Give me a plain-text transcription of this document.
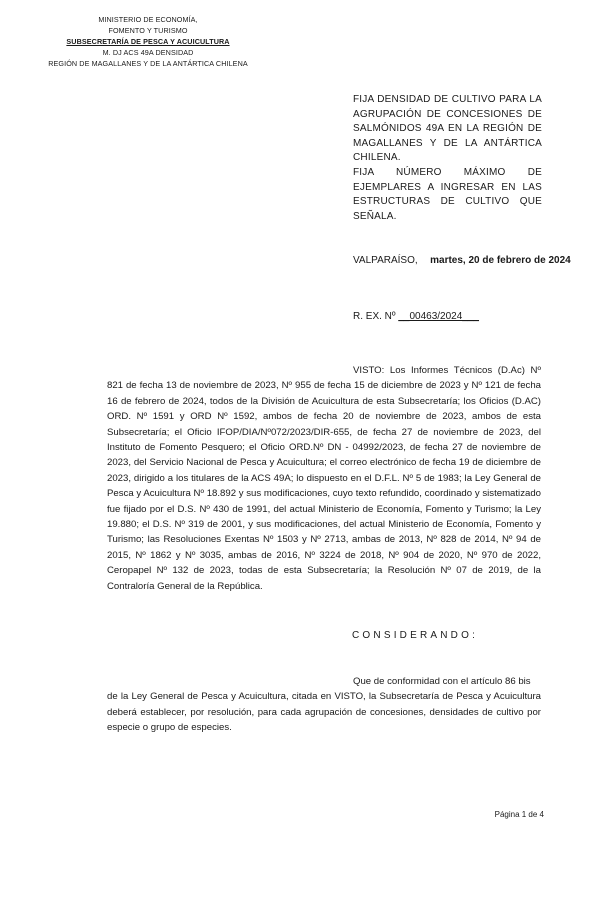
MINISTERIO DE ECONOMÍA,
FOMENTO Y TURISMO
SUBSECRETARÍA DE PESCA Y ACUICULTURA
M. DJ ACS 49A DENSIDAD
REGIÓN DE MAGALLANES Y DE LA ANTÁRTICA CHILENA
FIJA DENSIDAD DE CULTIVO PARA LA AGRUPACIÓN DE CONCESIONES DE SALMÓNIDOS 49A EN LA REGIÓN DE MAGALLANES Y DE LA ANTÁRTICA CHILENA.
FIJA NÚMERO MÁXIMO DE EJEMPLARES A INGRESAR EN LAS ESTRUCTURAS DE CULTIVO QUE SEÑALA.
VALPARAÍSO, martes, 20 de febrero de 2024
R. EX. Nº __00463/2024___
VISTO: Los Informes Técnicos (D.Ac) Nº 821 de fecha 13 de noviembre de 2023, Nº 955 de fecha 15 de diciembre de 2023 y Nº 121 de fecha 16 de febrero de 2024, todos de la División de Acuicultura de esta Subsecretaría; los Oficios (D.AC) ORD. Nº 1591 y ORD Nº 1592, ambos de fecha 20 de noviembre de 2023, ambos de esta Subsecretaría; el Oficio IFOP/DIA/Nº072/2023/DIR-655, de fecha 27 de noviembre de 2023, del Instituto de Fomento Pesquero; el Oficio ORD.Nº DN - 04992/2023, de fecha 27 de noviembre de 2023, del Servicio Nacional de Pesca y Acuicultura; el correo electrónico de fecha 19 de diciembre de 2023, dirigido a los titulares de la ACS 49A; lo dispuesto en el D.F.L. Nº 5 de 1983; la Ley General de Pesca y Acuicultura Nº 18.892 y sus modificaciones, cuyo texto refundido, coordinado y sistematizado fue fijado por el D.S. Nº 430 de 1991, del actual Ministerio de Economía, Fomento y Turismo; la Ley 19.880; el D.S. Nº 319 de 2001, y sus modificaciones, del actual Ministerio de Economía, Fomento y Turismo; las Resoluciones Exentas Nº 1503 y Nº 2713, ambas de 2013, Nº 828 de 2014, Nº 94 de 2015, Nº 1862 y Nº 3035, ambas de 2016, Nº 3224 de 2018, Nº 904 de 2020, Nº 970 de 2022, Ceropapel Nº 132 de 2023, todas de esta Subsecretaría; la Resolución Nº 07 de 2019, de la Contraloría General de la República.
CONSIDERANDO:
Que de conformidad con el artículo 86 bis
de la Ley General de Pesca y Acuicultura, citada en VISTO, la Subsecretaría de Pesca y Acuicultura deberá establecer, por resolución, para cada agrupación de concesiones, densidades de cultivo por especie o grupo de especies.
Página 1 de 4
